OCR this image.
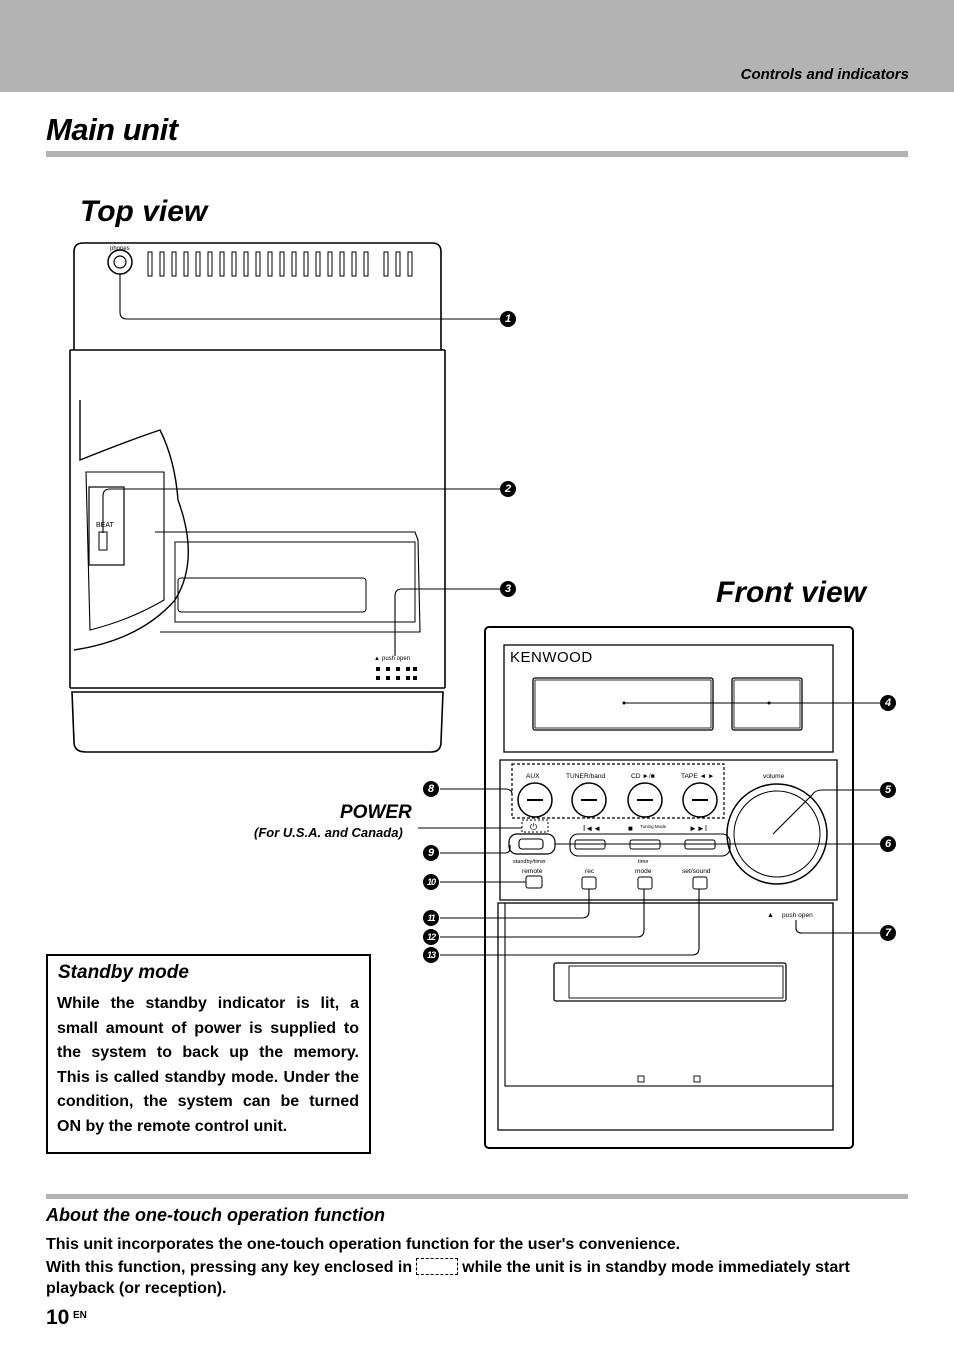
Controls and indicators
Main unit
Top view
Front view
phones
BEAT
▲ push open	KENWOOD
AUX	TUNER/band	CD ►/■	TAPE ◄ ►	volume
I◄◄	■ Tuning Mode	►►I
time
standby/timer
remote	rec	mode	set/sound
push open
⏻
▲
1
2
3
4
5
6
7
8
9
10
11
12
13
POWER
(For U.S.A. and Canada)
Standby mode
While the standby indicator is lit, a small amount of power is supplied to the system to back up the memory. This is called standby mode. Under the condition, the system can be turned ON by the remote control unit.
About the one-touch operation function
This unit incorporates the one-touch operation function for the user's convenience.
With this function, pressing any key enclosed in	while the unit is in standby mode immediately start
playback (or reception).
10 EN
